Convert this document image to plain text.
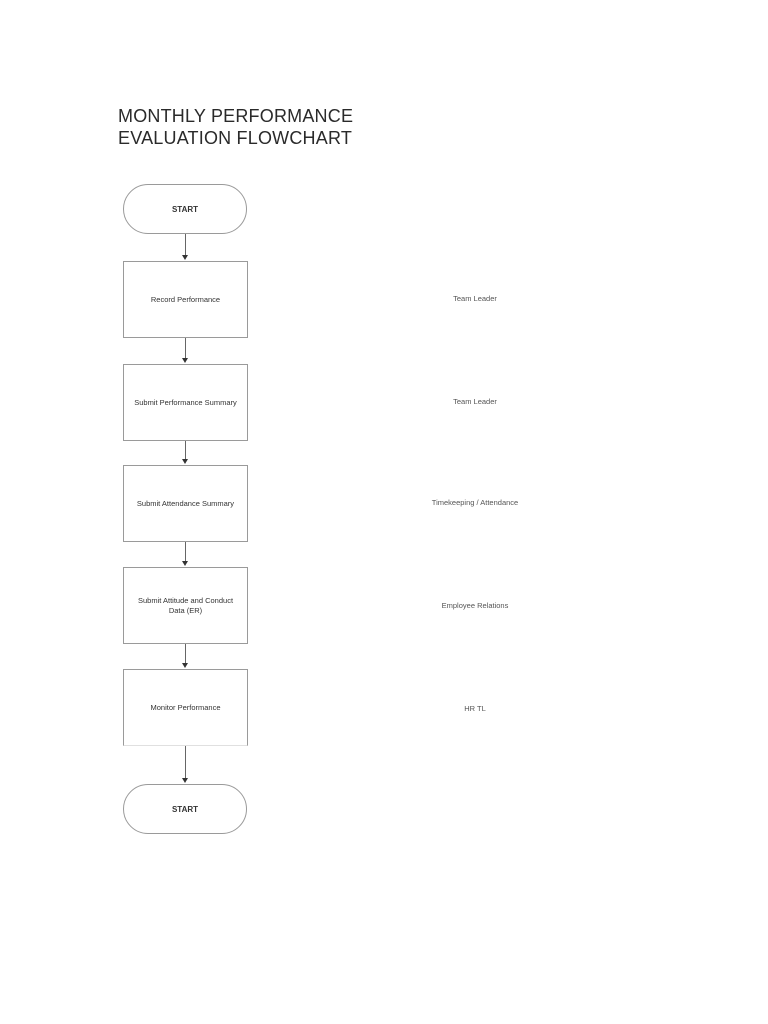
MONTHLY PERFORMANCE
EVALUATION FLOWCHART
START
Record Performance	Team Leader
Submit Performance Summary	Team Leader
Submit Attendance Summary	Timekeeping / Attendance
Submit Attitude and Conduct Data (ER)	Employee Relations
Monitor Performance	HR TL
START
